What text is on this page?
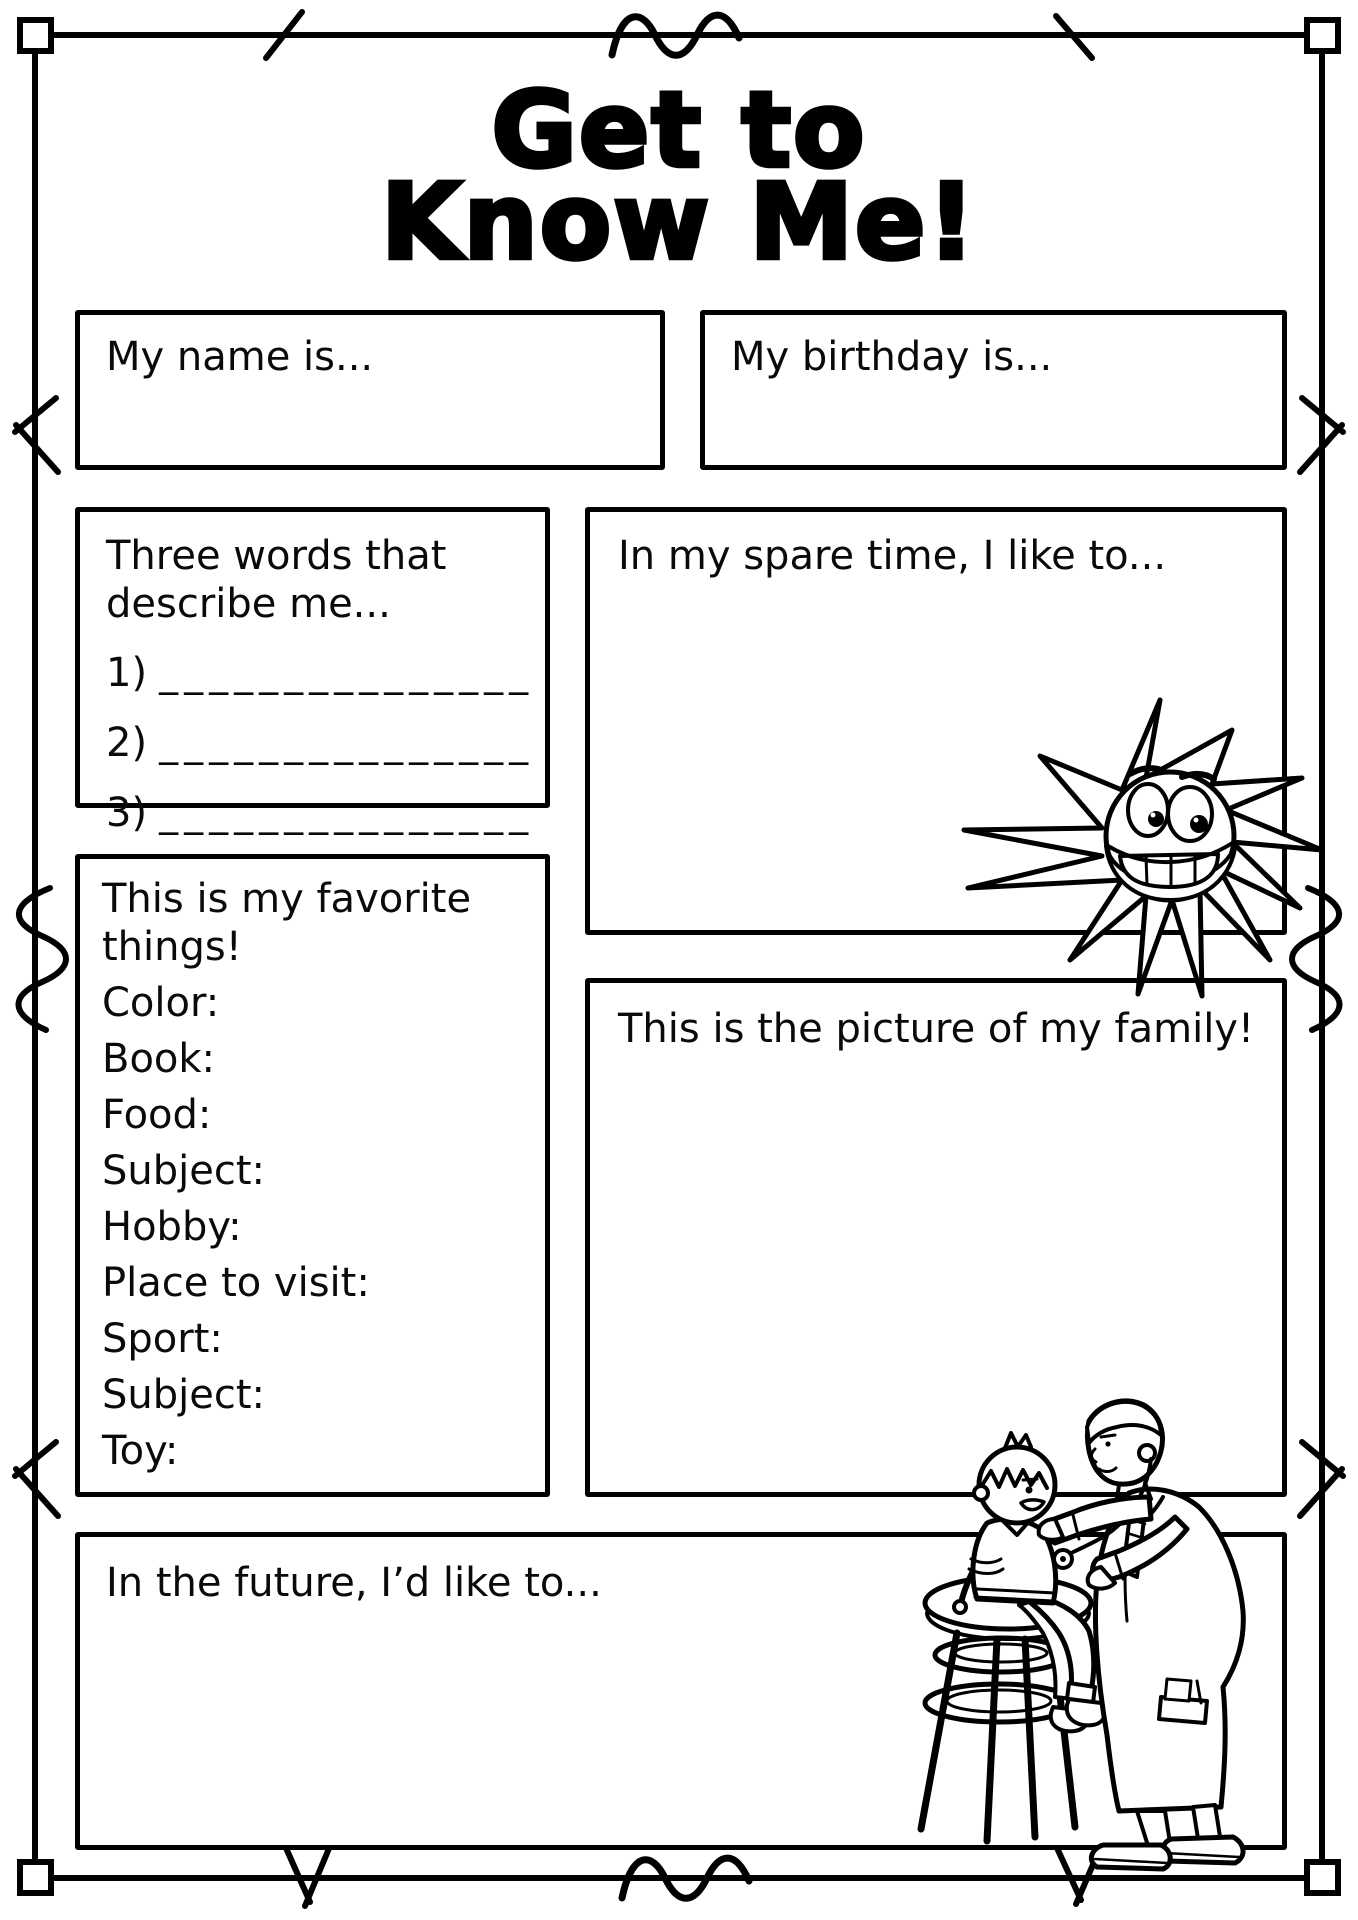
Get to
Know Me!
My name is...	My birthday is...
Three words that describe me...
1) _______________
2) _______________
3) _______________
In my spare time, I like to...
This is my favorite things!
Color:
Book:
Food:
Subject:
Hobby:
Place to visit:
Sport:
Subject:
Toy:
This is the picture of my family!
In the future, I’d like to...
